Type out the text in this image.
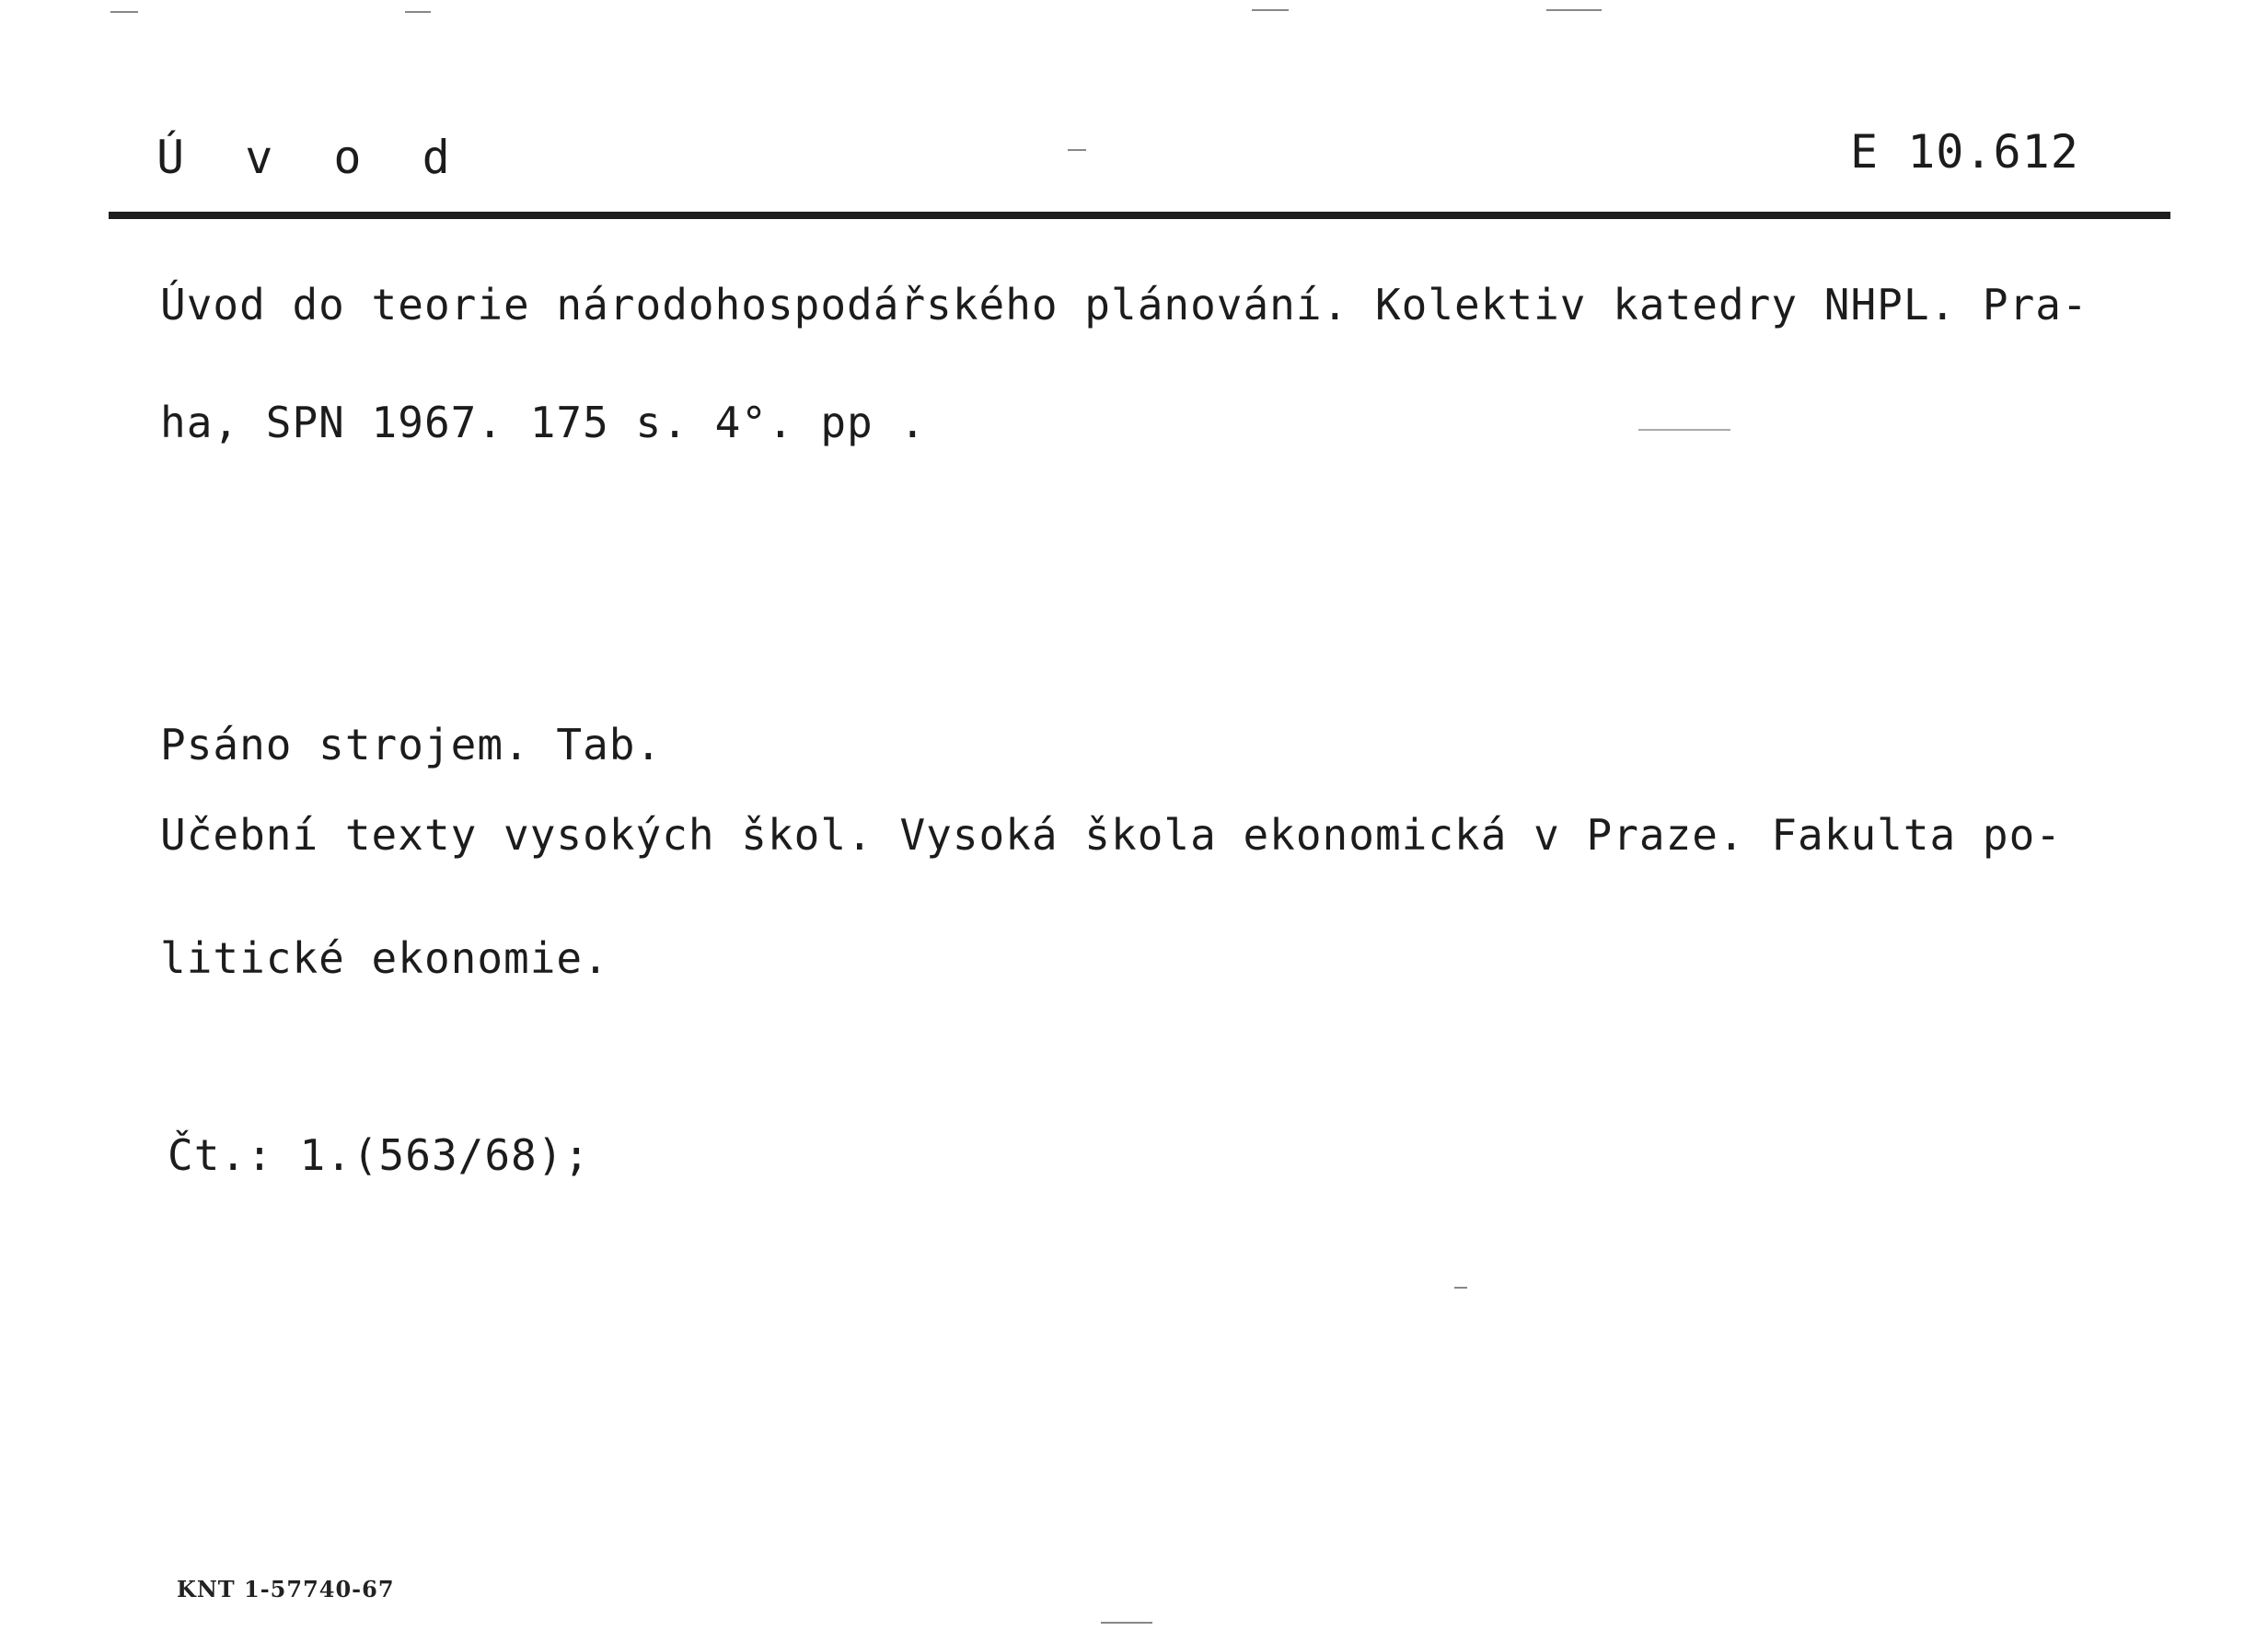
Ú v o d	E 10.612
Úvod do teorie národohospodářského plánování. Kolektiv katedry NHPL. Pra-
ha, SPN 1967. 175 s. 4°. pp .
Psáno strojem. Tab.
Učební texty vysokých škol. Vysoká škola ekonomická v Praze. Fakulta po-
litické ekonomie.
Čt.: 1.(563/68);
KNT 1-57740-67
